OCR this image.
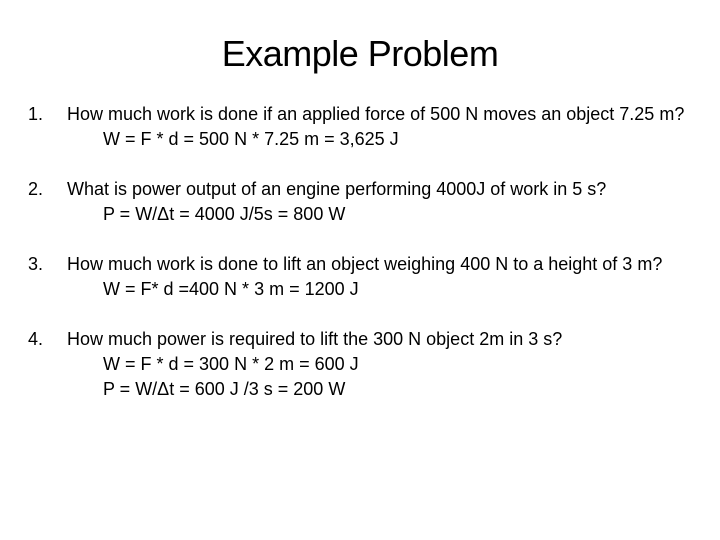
Example Problem
1. How much work is done if an applied force of 500 N moves an object 7.25 m?
W = F * d = 500 N * 7.25 m = 3,625 J
2. What is power output of an engine performing 4000J of work in 5 s?
P = W/Δt = 4000 J/5s = 800 W
3. How much work is done to lift an object weighing 400 N to a height of 3 m?
W = F* d =400 N * 3 m = 1200 J
4. How much power is required to lift the 300 N object 2m in 3 s?
W = F * d = 300 N * 2 m = 600 J
P = W/Δt = 600 J /3 s = 200 W
